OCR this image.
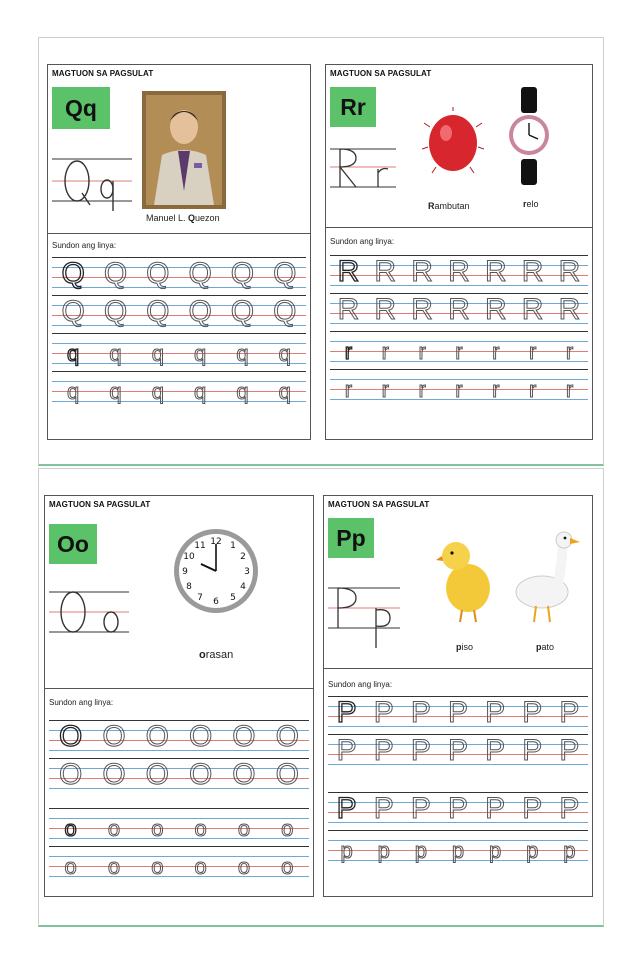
MAGTUON SA PAGSULAT
Qq
Manuel L. Quezon
Sundon ang linya:
Q Q Q Q Q Q
Q Q Q Q Q Q
q q q q q q
q q q q q q
MAGTUON SA PAGSULAT
Rr
Rambutan	relo
Sundon ang linya:
R R R R R R R
R R R R R R R
r r r r r r r
r r r r r r r
MAGTUON SA PAGSULAT
Oo	12 1
2
3
4
5
6
7
8
9
10
11
orasan
Sundon ang linya:
O O O O O O
O O O O O O
o o o o o o
o o o o o o
MAGTUON SA PAGSULAT
Pp
piso	pato
Sundon ang linya:
P P P P P P P
P P P P P P P
P P P P P P P
p p p p p p p
